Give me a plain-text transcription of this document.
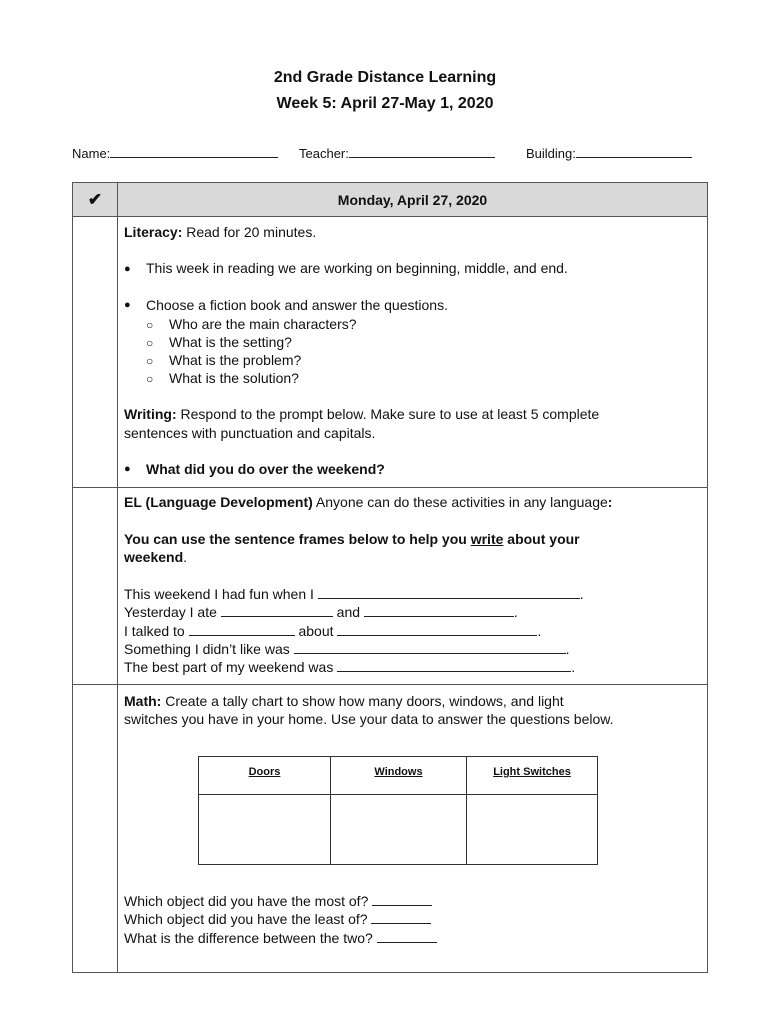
2nd Grade Distance Learning
Week 5: April 27-May 1, 2020
Name:	Teacher:	Building:
✔	Monday, April 27, 2020
Literacy: Read for 20 minutes.
● This week in reading we are working on beginning, middle, and end.
● Choose a fiction book and answer the questions.
○ Who are the main characters?
○ What is the setting?
○ What is the problem?
○ What is the solution?
Writing: Respond to the prompt below. Make sure to use at least 5 complete
sentences with punctuation and capitals.
● What did you do over the weekend?
EL (Language Development) Anyone can do these activities in any language:
You can use the sentence frames below to help you write about your
weekend.
This weekend I had fun when I	.
Yesterday I ate	and	.
I talked to	about	.
Something I didn’t like was	.
The best part of my weekend was	.
Math: Create a tally chart to show how many doors, windows, and light
switches you have in your home. Use your data to answer the questions below.
Doors	Windows	Light Switches
Which object did you have the most of?
Which object did you have the least of?
What is the difference between the two?
